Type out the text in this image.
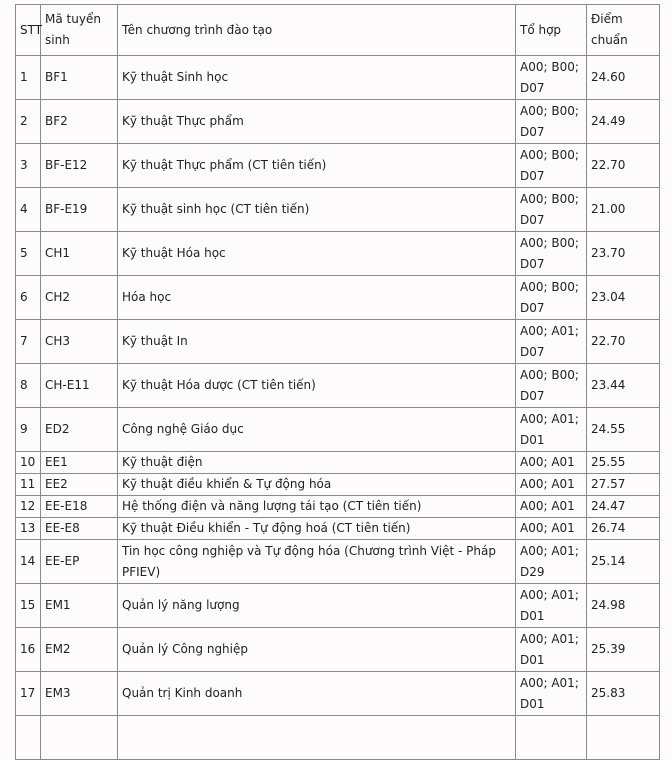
STT	Mã tuyển sinh	Tên chương trình đào tạo	Tổ hợp	Điểm chuẩn
1	BF1	Kỹ thuật Sinh học	A00; B00; D07	24.60
2	BF2	Kỹ thuật Thực phẩm	A00; B00; D07	24.49
3	BF-E12	Kỹ thuật Thực phẩm (CT tiên tiến)	A00; B00; D07	22.70
4	BF-E19	Kỹ thuật sinh học (CT tiên tiến)	A00; B00; D07	21.00
5	CH1	Kỹ thuật Hóa học	A00; B00; D07	23.70
6	CH2	Hóa học	A00; B00; D07	23.04
7	CH3	Kỹ thuật In	A00; A01; D07	22.70
8	CH-E11	Kỹ thuật Hóa dược (CT tiên tiến)	A00; B00; D07	23.44
9	ED2	Công nghệ Giáo dục	A00; A01; D01	24.55
10	EE1	Kỹ thuật điện	A00; A01	25.55
11	EE2	Kỹ thuật điều khiển & Tự động hóa	A00; A01	27.57
12	EE-E18	Hệ thống điện và năng lượng tái tạo (CT tiên tiến)	A00; A01	24.47
13	EE-E8	Kỹ thuật Điều khiển - Tự động hoá (CT tiên tiến)	A00; A01	26.74
14	EE-EP	Tin học công nghiệp và Tự động hóa (Chương trình Việt - Pháp PFIEV)	A00; A01; D29	25.14
15	EM1	Quản lý năng lượng	A00; A01; D01	24.98
16	EM2	Quản lý Công nghiệp	A00; A01; D01	25.39
17	EM3	Quản trị Kinh doanh	A00; A01; D01	25.83
